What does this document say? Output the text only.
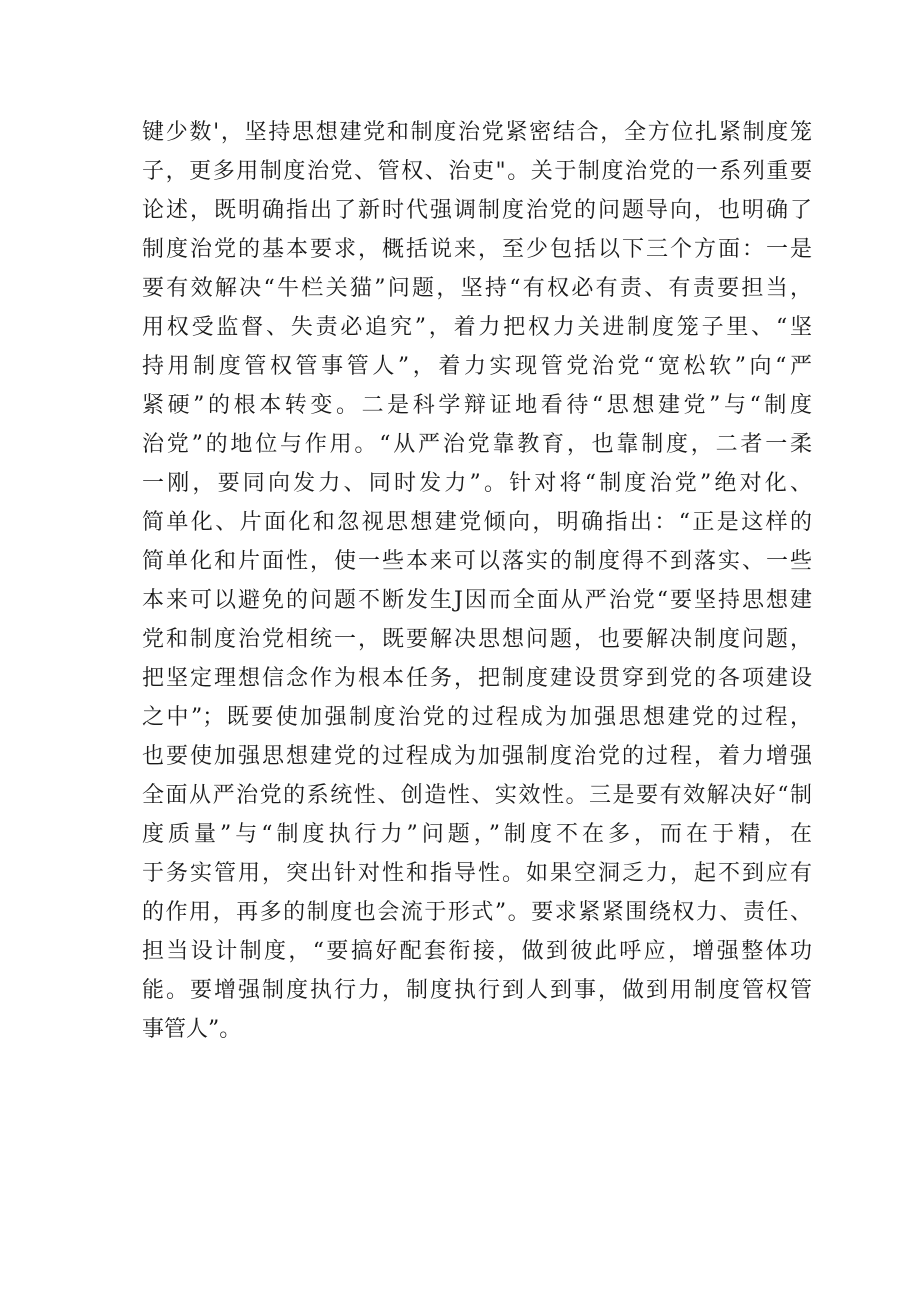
键少数'，坚持思想建党和制度治党紧密结合，全方位扎紧制度笼
子，更多用制度治党、管权、治吏"。关于制度治党的一系列重要
论述，既明确指出了新时代强调制度治党的问题导向，也明确了
制度治党的基本要求，概括说来，至少包括以下三个方面：一是
要有效解决“牛栏关猫”问题，坚持“有权必有责、有责要担当，
用权受监督、失责必追究”，着力把权力关进制度笼子里、“坚
持用制度管权管事管人”，着力实现管党治党“宽松软”向“严
紧硬”的根本转变。二是科学辩证地看待“思想建党”与“制度
治党”的地位与作用。“从严治党靠教育，也靠制度，二者一柔
一刚，要同向发力、同时发力”。针对将“制度治党”绝对化、
简单化、片面化和忽视思想建党倾向，明确指出：“正是这样的
简单化和片面性，使一些本来可以落实的制度得不到落实、一些
本来可以避免的问题不断发生J因而全面从严治党“要坚持思想建
党和制度治党相统一，既要解决思想问题，也要解决制度问题，
把坚定理想信念作为根本任务，把制度建设贯穿到党的各项建设
之中”；既要使加强制度治党的过程成为加强思想建党的过程，
也要使加强思想建党的过程成为加强制度治党的过程，着力增强
全面从严治党的系统性、创造性、实效性。三是要有效解决好“制
度质量”与“制度执行力”问题，”制度不在多，而在于精，在
于务实管用，突出针对性和指导性。如果空洞乏力，起不到应有
的作用，再多的制度也会流于形式”。要求紧紧围绕权力、责任、
担当设计制度，“要搞好配套衔接，做到彼此呼应，增强整体功
能。要增强制度执行力，制度执行到人到事，做到用制度管权管
事管人”。
